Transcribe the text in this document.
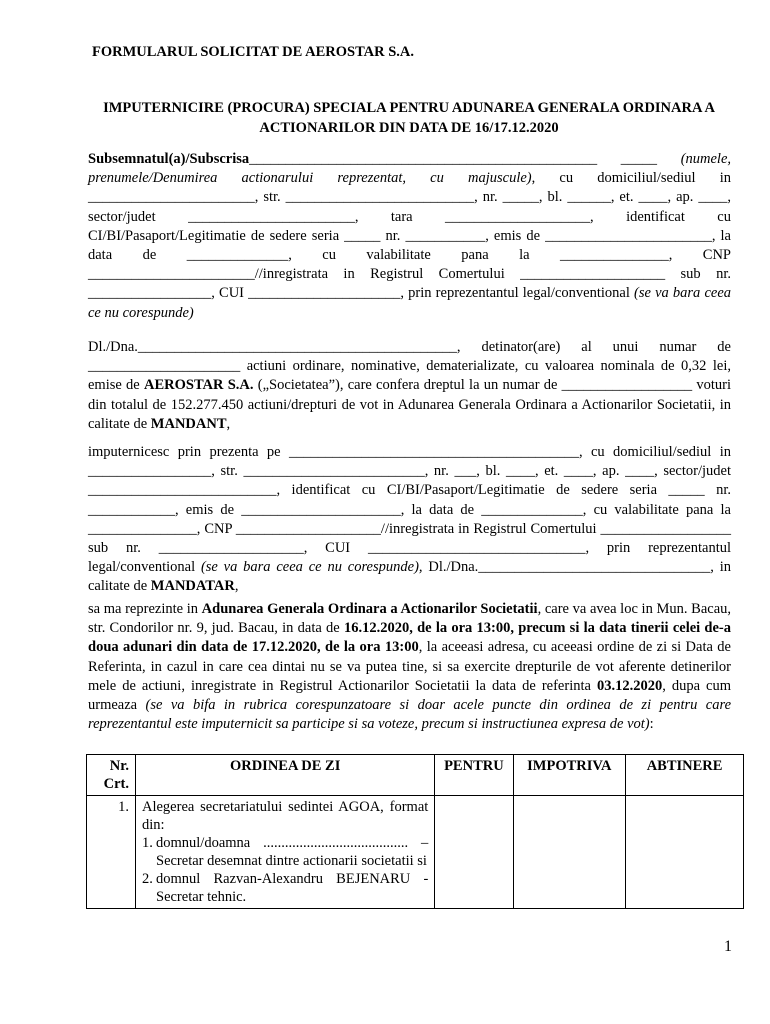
FORMULARUL SOLICITAT DE AEROSTAR S.A.
IMPUTERNICIRE (PROCURA) SPECIALA PENTRU ADUNAREA GENERALA ORDINARA A
ACTIONARILOR DIN DATA DE 16/17.12.2020
Subsemnatul(a)/Subscrisa________________________________________________ _____ (numele, prenumele/Denumirea actionarului reprezentat, cu majuscule), cu domiciliul/sediul in _______________________, str. __________________________, nr. _____, bl. ______, et. ____, ap. ____, sector/judet _______________________, tara ____________________, identificat cu CI/BI/Pasaport/Legitimatie de sedere seria _____ nr. ___________, emis de _______________________, la data de ______________, cu valabilitate pana la _______________, CNP _______________________//inregistrata in Registrul Comertului ____________________ sub nr. _________________, CUI _____________________, prin reprezentantul legal/conventional (se va bara ceea ce nu corespunde)
Dl./Dna.____________________________________________, detinator(are) al unui numar de _____________________ actiuni ordinare, nominative, dematerializate, cu valoarea nominala de 0,32 lei, emise de AEROSTAR S.A. („Societatea”), care confera dreptul la un numar de __________________ voturi din totalul de 152.277.450 actiuni/drepturi de vot in Adunarea Generala Ordinara a Actionarilor Societatii, in calitate de MANDANT,
imputernicesc prin prezenta pe ________________________________________, cu domiciliul/sediul in _________________, str. _________________________, nr. ___, bl. ____, et. ____, ap. ____, sector/judet __________________________, identificat cu CI/BI/Pasaport/Legitimatie de sedere seria _____ nr. ____________, emis de ______________________, la data de ______________, cu valabilitate pana la _______________, CNP ____________________//inregistrata in Registrul Comertului __________________ sub nr. ____________________, CUI ______________________________, prin reprezentantul legal/conventional (se va bara ceea ce nu corespunde), Dl./Dna.________________________________, in calitate de MANDATAR,
sa ma reprezinte in Adunarea Generala Ordinara a Actionarilor Societatii, care va avea loc in Mun. Bacau, str. Condorilor nr. 9, jud. Bacau, in data de 16.12.2020, de la ora 13:00, precum si la data tinerii celei de-a doua adunari din data de 17.12.2020, de la ora 13:00, la aceeasi adresa, cu aceeasi ordine de zi si Data de Referinta, in cazul in care cea dintai nu se va putea tine, si sa exercite drepturile de vot aferente detinerilor mele de actiuni, inregistrate in Registrul Actionarilor Societatii la data de referinta 03.12.2020, dupa cum urmeaza (se va bifa in rubrica corespunzatoare si doar acele puncte din ordinea de zi pentru care reprezentantul este imputernicit sa participe si sa voteze, precum si instructiunea expresa de vot):
Nr. Crt.	ORDINEA DE ZI	PENTRU	IMPOTRIVA	ABTINERE
1.	Alegerea secretariatului sedintei AGOA, format din:
1. domnul/doamna ........................................ – Secretar desemnat dintre actionarii societatii si
2. domnul Razvan-Alexandru BEJENARU - Secretar tehnic.			

1
